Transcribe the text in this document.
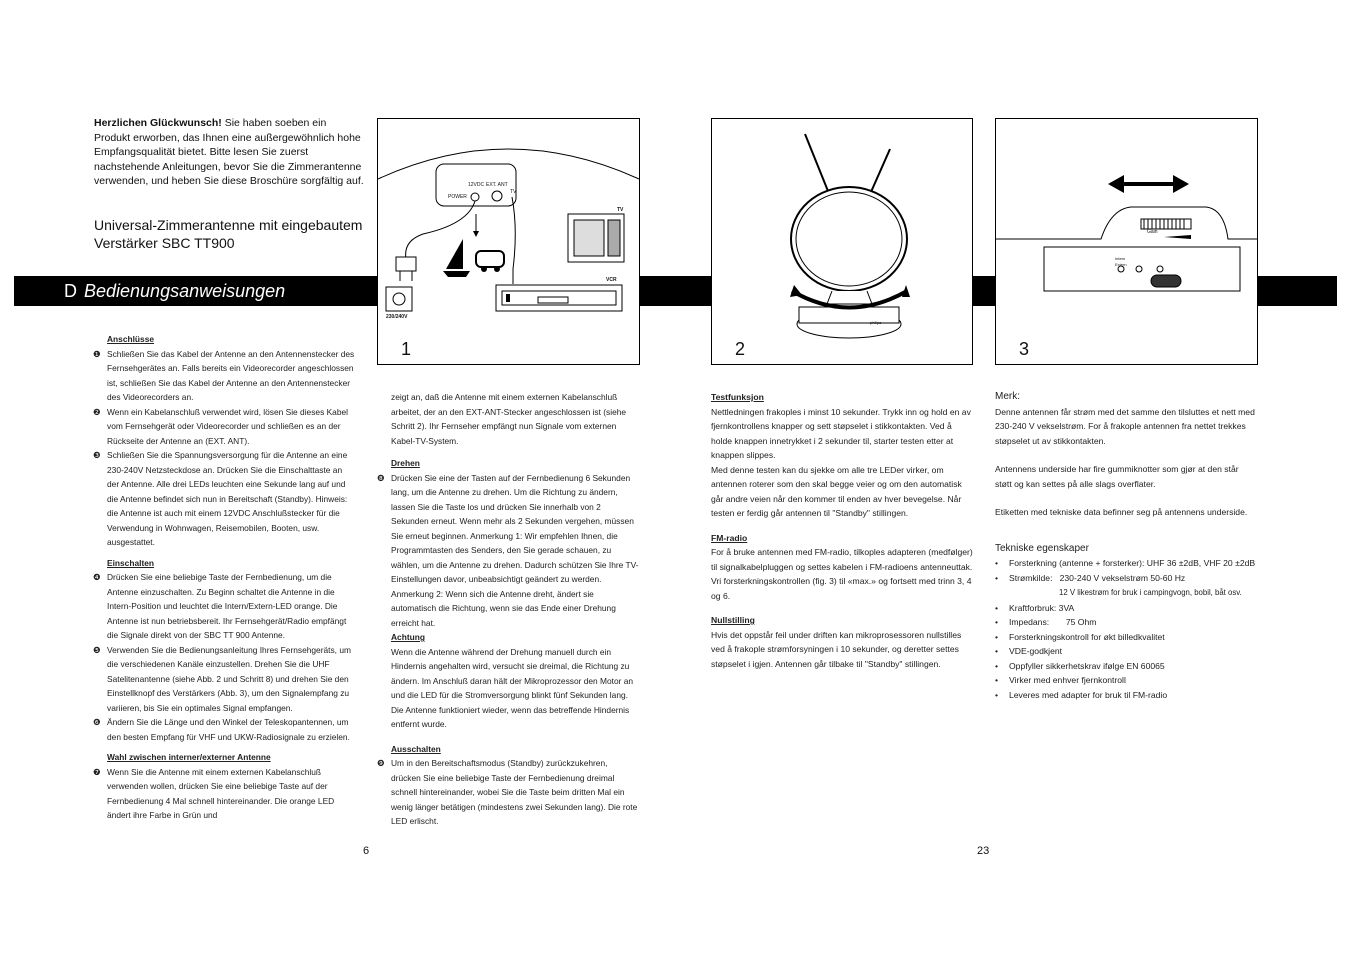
Herzlichen Glückwunsch! Sie haben soeben ein Produkt erworben, das Ihnen eine außergewöhnlich hohe Empfangsqualität bietet. Bitte lesen Sie zuerst nachstehende Anleitungen, bevor Sie die Zimmerantenne verwenden, und heben Sie diese Broschüre sorgfältig auf.
Universal-Zimmerantenne mit eingebautem Verstärker SBC TT900
D Bedienungsanweisungen
Anschlüsse
❶ Schließen Sie das Kabel der Antenne an den Antennenstecker des Fernsehgerätes an. Falls bereits ein Videorecorder angeschlossen ist, schließen Sie das Kabel der Antenne an den Antennenstecker des Videorecorders an.
❷ Wenn ein Kabelanschluß verwendet wird, lösen Sie dieses Kabel vom Fernsehgerät oder Videorecorder und schließen es an der Rückseite der Antenne an (EXT. ANT).
❸ Schließen Sie die Spannungsversorgung für die Antenne an eine 230-240V Netzsteckdose an. Drücken Sie die Einschalttaste an der Antenne. Alle drei LEDs leuchten eine Sekunde lang auf und die Antenne befindet sich nun in Bereitschaft (Standby). Hinweis: die Antenne ist auch mit einem 12VDC Anschlußstecker für die Verwendung in Wohnwagen, Reisemobilen, Booten, usw. ausgestattet.
Einschalten
❹ Drücken Sie eine beliebige Taste der Fernbedienung, um die Antenne einzuschalten. Zu Beginn schaltet die Antenne in die Intern-Position und leuchtet die Intern/Extern-LED orange. Die Antenne ist nun betriebsbereit. Ihr Fernsehgerät/Radio empfängt die Signale direkt von der SBC TT 900 Antenne.
❺ Verwenden Sie die Bedienungsanleitung Ihres Fernsehgeräts, um die verschiedenen Kanäle einzustellen. Drehen Sie die UHF Satelitenantenne (siehe Abb. 2 und Schritt 8) und drehen Sie den Einstellknopf des Verstärkers (Abb. 3), um den Signalempfang zu variieren, bis Sie ein optimales Signal empfangen.
❻ Ändern Sie die Länge und den Winkel der Teleskopantennen, um den besten Empfang für VHF und UKW-Radiosignale zu erzielen.
Wahl zwischen interner/externer Antenne
❼ Wenn Sie die Antenne mit einem externen Kabelanschluß verwenden wollen, drücken Sie eine beliebige Taste auf der Fernbedienung 4 Mal schnell hintereinander. Die orange LED ändert ihre Farbe in Grün und

zeigt an, daß die Antenne mit einem externen Kabelanschluß arbeitet, der an den EXT-ANT-Stecker angeschlossen ist (siehe Schritt 2). Ihr Fernseher empfängt nun Signale vom externen Kabel-TV-System.

Drehen
❽ Drücken Sie eine der Tasten auf der Fernbedienung 6 Sekunden lang, um die Antenne zu drehen. Um die Richtung zu ändern, lassen Sie die Taste los und drücken Sie innerhalb von 2 Sekunden erneut. Wenn mehr als 2 Sekunden vergehen, müssen Sie erneut beginnen. Anmerkung 1: Wir empfehlen Ihnen, die Programmtasten des Senders, den Sie gerade schauen, zu wählen, um die Antenne zu drehen. Dadurch schützen Sie Ihre TV-Einstellungen davor, unbeabsichtigt geändert zu werden.

Anmerkung 2: Wenn sich die Antenne dreht, ändert sie automatisch die Richtung, wenn sie das Ende einer Drehung erreicht hat.

Achtung

Wenn die Antenne während der Drehung manuell durch ein Hindernis angehalten wird, versucht sie dreimal, die Richtung zu ändern. Im Anschluß daran hält der Mikroprozessor den Motor an und die LED für die Stromversorgung blinkt fünf Sekunden lang. Die Antenne funktioniert wieder, wenn das betreffende Hindernis entfernt wurde.

Ausschalten
❾ Um in den Bereitschaftsmodus (Standby) zurückzukehren, drücken Sie eine beliebige Taste der Fernbedienung dreimal schnell hintereinander, wobei Sie die Taste beim dritten Mal ein wenig länger betätigen (mindestens zwei Sekunden lang). Die rote LED erlischt.
12VDC EXT. ANT
POWER
TV
TV
VCR
230/240V
1
6
philips
2
Gain
Intern
Extern
3
Testfunksjon

Nettledningen frakoples i minst 10 sekunder. Trykk inn og hold en av fjernkontrollens knapper og sett støpselet i stikkontakten. Ved å holde knappen innetrykket i 2 sekunder til, starter testen etter at knappen slippes.

Med denne testen kan du sjekke om alle tre LEDer virker, om antennen roterer som den skal begge veier og om den automatisk går andre veien når den kommer til enden av hver bevegelse. Når testen er ferdig går antennen til "Standby" stillingen.

FM-radio

For å bruke antennen med FM-radio, tilkoples adapteren (medfølger) til signalkabelpluggen og settes kabelen i FM-radioens antenneuttak. Vri forsterkningskontrollen (fig. 3) til «max.» og fortsett med trinn 3, 4 og 6.

Nullstilling

Hvis det oppstår feil under driften kan mikroprosessoren nullstilles ved å frakople strømforsyningen i 10 sekunder, og deretter settes støpselet i igjen. Antennen går tilbake til "Standby" stillingen.

Merk:

Denne antennen får strøm med det samme den tilsluttes et nett med 230-240 V vekselstrøm. For å frakople antennen fra nettet trekkes støpselet ut av stikkontakten.

Antennens underside har fire gummiknotter som gjør at den står støtt og kan settes på alle slags overflater.

Etiketten med tekniske data befinner seg på antennens underside.

Tekniske egenskaper
• Forsterkning (antenne + forsterker): UHF 36 ±2dB, VHF 20 ±2dB
• Strømkilde:   230-240 V vekselstrøm 50-60 Hz
12 V likestrøm for bruk i campingvogn, bobil, båt osv.
• Kraftforbruk: 3VA
• Impedans:       75 Ohm
• Forsterkningskontroll for økt billedkvalitet
• VDE-godkjent
• Oppfyller sikkerhetskrav ifølge EN 60065
• Virker med enhver fjernkontroll
• Leveres med adapter for bruk til FM-radio
23
